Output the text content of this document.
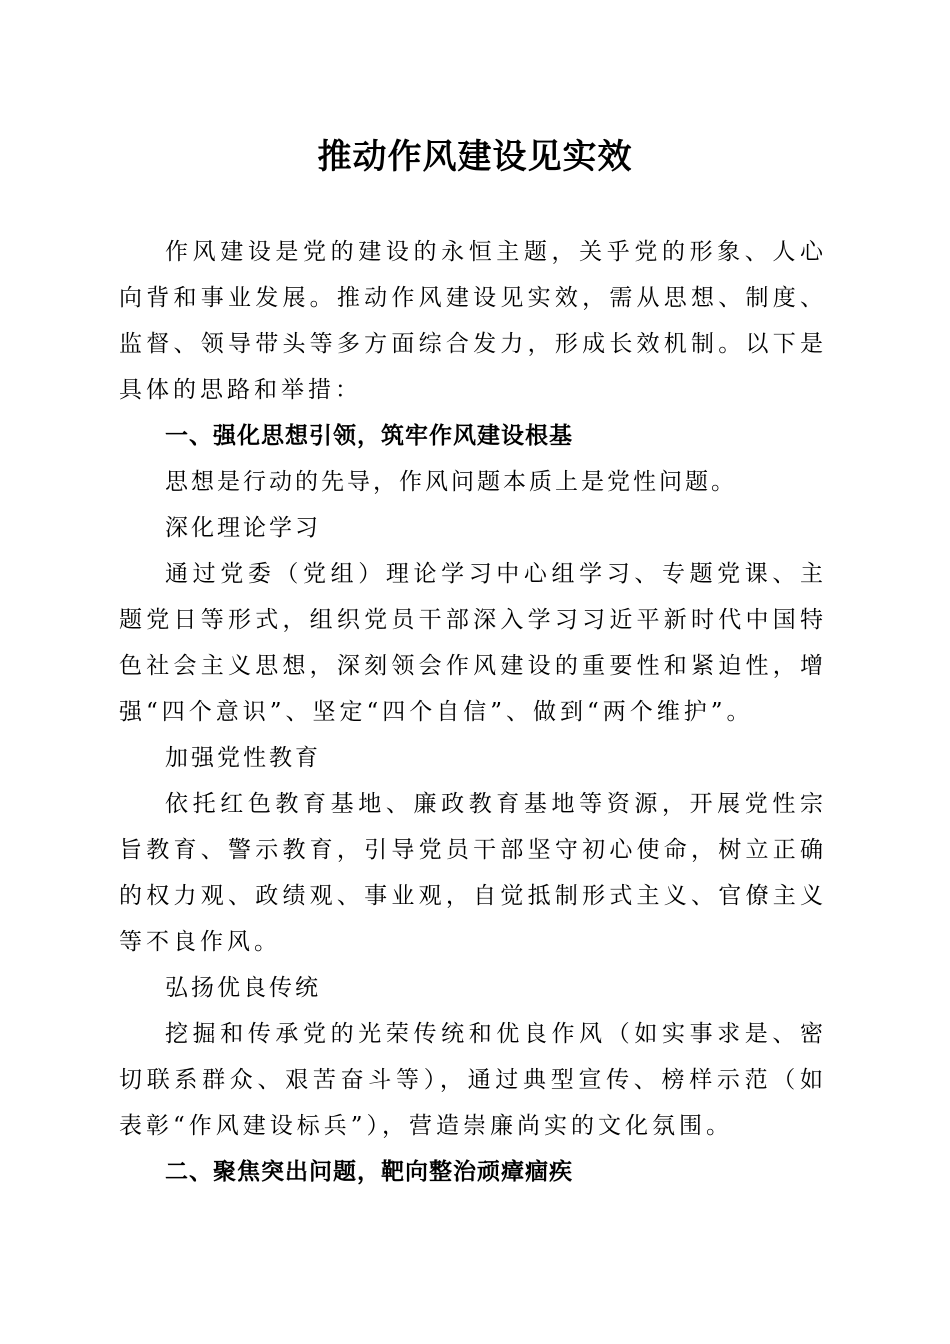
推动作风建设见实效

作风建设是党的建设的永恒主题，关乎党的形象、人心向背和事业发展。推动作风建设见实效，需从思想、制度、监督、领导带头等多方面综合发力，形成长效机制。以下是具体的思路和举措：

一、强化思想引领，筑牢作风建设根基

思想是行动的先导，作风问题本质上是党性问题。

深化理论学习

通过党委（党组）理论学习中心组学习、专题党课、主题党日等形式，组织党员干部深入学习习近平新时代中国特色社会主义思想，深刻领会作风建设的重要性和紧迫性，增强“四个意识”、坚定“四个自信”、做到“两个维护”。

加强党性教育

依托红色教育基地、廉政教育基地等资源，开展党性宗旨教育、警示教育，引导党员干部坚守初心使命，树立正确的权力观、政绩观、事业观，自觉抵制形式主义、官僚主义等不良作风。

弘扬优良传统

挖掘和传承党的光荣传统和优良作风（如实事求是、密切联系群众、艰苦奋斗等），通过典型宣传、榜样示范（如表彰“作风建设标兵”），营造崇廉尚实的文化氛围。

二、聚焦突出问题，靶向整治顽瘴痼疾
